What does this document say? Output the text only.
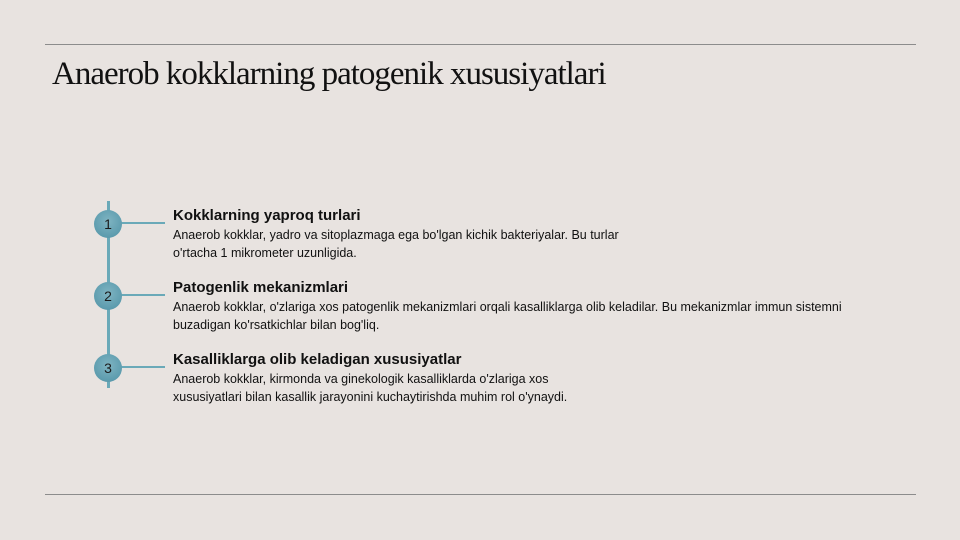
Anaerob kokklarning patogenik xususiyatlari
1
2
3
Kokklarning yaproq turlari
Anaerob kokklar, yadro va sitoplazmaga ega bo'lgan kichik bakteriyalar. Bu turlar o'rtacha 1 mikrometer uzunligida.
Patogenlik mekanizmlari
Anaerob kokklar, o'zlariga xos patogenlik mekanizmlari orqali kasalliklarga olib keladilar. Bu mekanizmlar immun sistemni buzadigan ko'rsatkichlar bilan bog'liq.
Kasalliklarga olib keladigan xususiyatlar
Anaerob kokklar, kirmonda va ginekologik kasalliklarda o'zlariga xos xususiyatlari bilan kasallik jarayonini kuchaytirishda muhim rol o'ynaydi.
